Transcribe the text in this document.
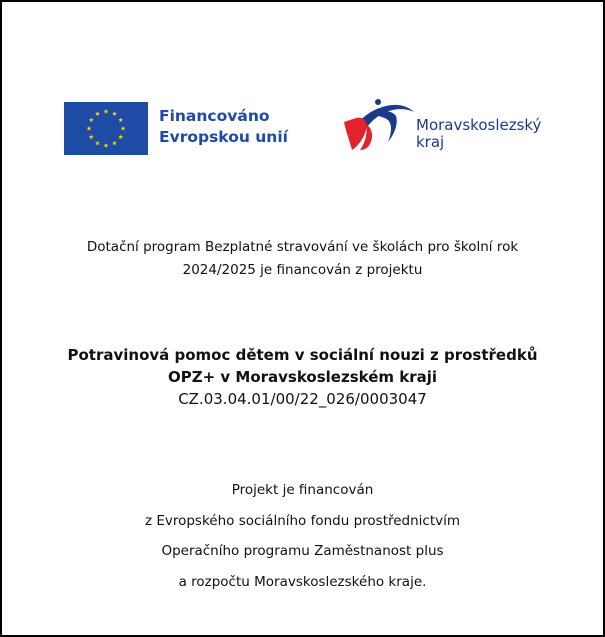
Financováno
Evropskou unií
Moravskoslezský
kraj
Dotační program Bezplatné stravování ve školách pro školní rok
2024/2025 je financován z projektu
Potravinová pomoc dětem v sociální nouzi z prostředků
OPZ+ v Moravskoslezském kraji
CZ.03.04.01/00/22_026/0003047
Projekt je financován
z Evropského sociálního fondu prostřednictvím
Operačního programu Zaměstnanost plus
a rozpočtu Moravskoslezského kraje.
